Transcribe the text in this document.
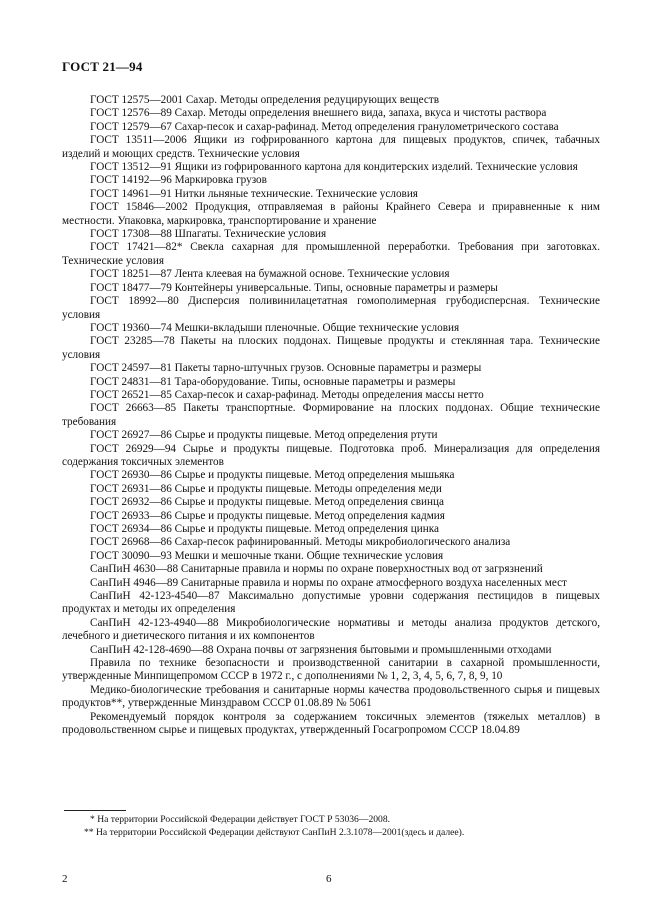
ГОСТ 21—94

ГОСТ 12575—2001 Сахар. Методы определения редуцирующих веществ

ГОСТ 12576—89 Сахар. Методы определения внешнего вида, запаха, вкуса и чистоты раствора

ГОСТ 12579—67 Сахар-песок и сахар-рафинад. Метод определения гранулометрического состава

ГОСТ 13511—2006 Ящики из гофрированного картона для пищевых продуктов, спичек, табачных изделий и моющих средств. Технические условия

ГОСТ 13512—91 Ящики из гофрированного картона для кондитерских изделий. Технические условия

ГОСТ 14192—96 Маркировка грузов

ГОСТ 14961—91 Нитки льняные технические. Технические условия

ГОСТ 15846—2002 Продукция, отправляемая в районы Крайнего Севера и приравненные к ним местности. Упаковка, маркировка, транспортирование и хранение

ГОСТ 17308—88 Шпагаты. Технические условия

ГОСТ 17421—82* Свекла сахарная для промышленной переработки. Требования при заготовках. Технические условия

ГОСТ 18251—87 Лента клеевая на бумажной основе. Технические условия

ГОСТ 18477—79 Контейнеры универсальные. Типы, основные параметры и размеры

ГОСТ 18992—80 Дисперсия поливинилацетатная гомополимерная грубодисперсная. Технические условия

ГОСТ 19360—74 Мешки-вкладыши пленочные. Общие технические условия

ГОСТ 23285—78 Пакеты на плоских поддонах. Пищевые продукты и стеклянная тара. Технические условия

ГОСТ 24597—81 Пакеты тарно-штучных грузов. Основные параметры и размеры

ГОСТ 24831—81 Тара-оборудование. Типы, основные параметры и размеры

ГОСТ 26521—85 Сахар-песок и сахар-рафинад. Методы определения массы нетто

ГОСТ 26663—85 Пакеты транспортные. Формирование на плоских поддонах. Общие технические требования

ГОСТ 26927—86 Сырье и продукты пищевые. Метод определения ртути

ГОСТ 26929—94 Сырье и продукты пищевые. Подготовка проб. Минерализация для определения содержания токсичных элементов

ГОСТ 26930—86 Сырье и продукты пищевые. Метод определения мышьяка

ГОСТ 26931—86 Сырье и продукты пищевые. Методы определения меди

ГОСТ 26932—86 Сырье и продукты пищевые. Метод определения свинца

ГОСТ 26933—86 Сырье и продукты пищевые. Метод определения кадмия

ГОСТ 26934—86 Сырье и продукты пищевые. Метод определения цинка

ГОСТ 26968—86 Сахар-песок рафинированный. Методы микробиологического анализа

ГОСТ 30090—93 Мешки и мешочные ткани. Общие технические условия

СанПиН 4630—88 Санитарные правила и нормы по охране поверхностных вод от загрязнений

СанПиН 4946—89 Санитарные правила и нормы по охране атмосферного воздуха населенных мест

СанПиН 42-123-4540—87 Максимально допустимые уровни содержания пестицидов в пищевых продуктах и методы их определения

СанПиН 42-123-4940—88 Микробиологические нормативы и методы анализа продуктов детского, лечебного и диетического питания и их компонентов

СанПиН 42-128-4690—88 Охрана почвы от загрязнения бытовыми и промышленными отходами

Правила по технике безопасности и производственной санитарии в сахарной промышленности, утвержденные Минпищепромом СССР в 1972 г., с дополнениями № 1, 2, 3, 4, 5, 6, 7, 8, 9, 10

Медико-биологические требования и санитарные нормы качества продовольственного сырья и пищевых продуктов**, утвержденные Минздравом СССР 01.08.89 № 5061

Рекомендуемый порядок контроля за содержанием токсичных элементов (тяжелых металлов) в продовольственном сырье и пищевых продуктах, утвержденный Госагропромом СССР 18.04.89

* На территории Российской Федерации действует ГОСТ Р 53036—2008.

** На территории Российской Федерации действуют СанПиН 2.3.1078—2001(здесь и далее).

2	6
